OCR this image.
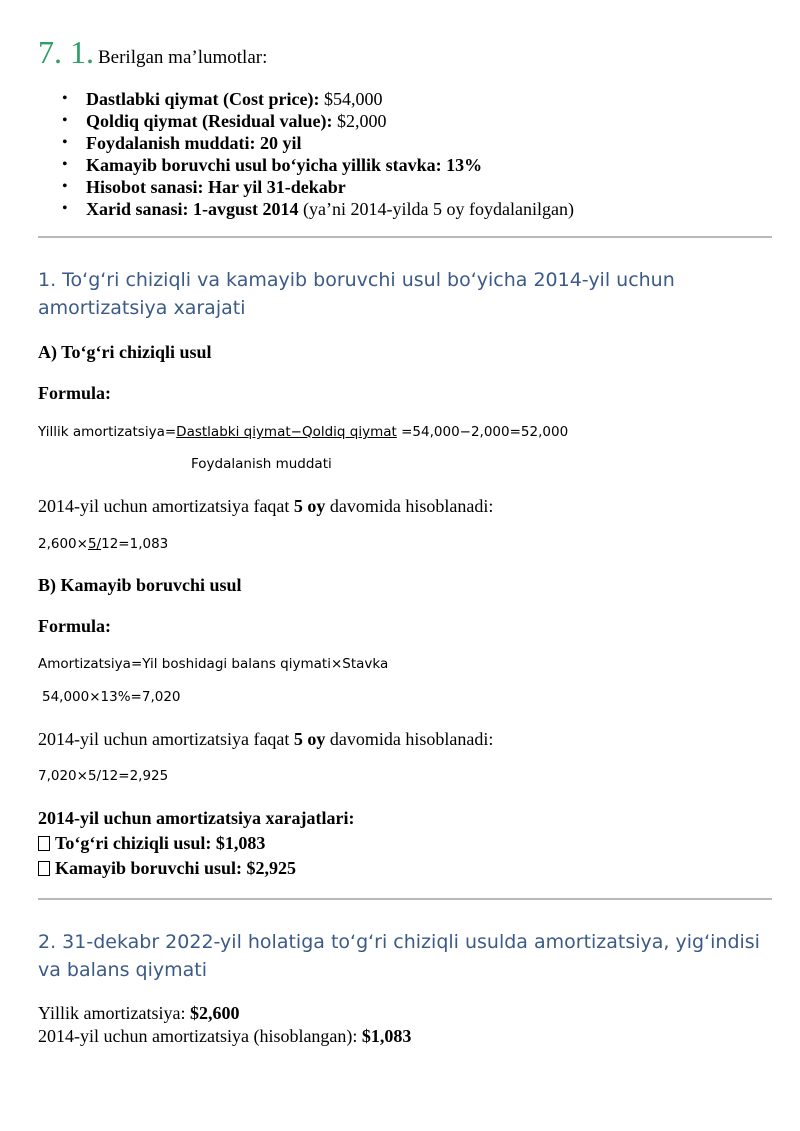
7. 1. Berilgan ma’lumotlar:
• Dastlabki qiymat (Cost price): $54,000
• Qoldiq qiymat (Residual value): $2,000
• Foydalanish muddati: 20 yil
• Kamayib boruvchi usul bo‘yicha yillik stavka: 13%
• Hisobot sanasi: Har yil 31-dekabr
• Xarid sanasi: 1-avgust 2014 (ya’ni 2014-yilda 5 oy foydalanilgan)
1. To‘g‘ri chiziqli va kamayib boruvchi usul bo‘yicha 2014-yil uchun amortizatsiya xarajati
A) To‘g‘ri chiziqli usul
Formula:
Yillik amortizatsiya=Dastlabki qiymat−Qoldiq qiymat =54,000−2,000=52,000
Foydalanish muddati
2014-yil uchun amortizatsiya faqat 5 oy davomida hisoblanadi:
2,600×5/12=1,083
B) Kamayib boruvchi usul
Formula:
Amortizatsiya=Yil boshidagi balans qiymati×Stavka
54,000×13%=7,020
2014-yil uchun amortizatsiya faqat 5 oy davomida hisoblanadi:
7,020×5/12=2,925
2014-yil uchun amortizatsiya xarajatlari:
To‘g‘ri chiziqli usul: $1,083
Kamayib boruvchi usul: $2,925
2. 31-dekabr 2022-yil holatiga to‘g‘ri chiziqli usulda amortizatsiya, yig‘indisi va balans qiymati
Yillik amortizatsiya: $2,600
2014-yil uchun amortizatsiya (hisoblangan): $1,083
